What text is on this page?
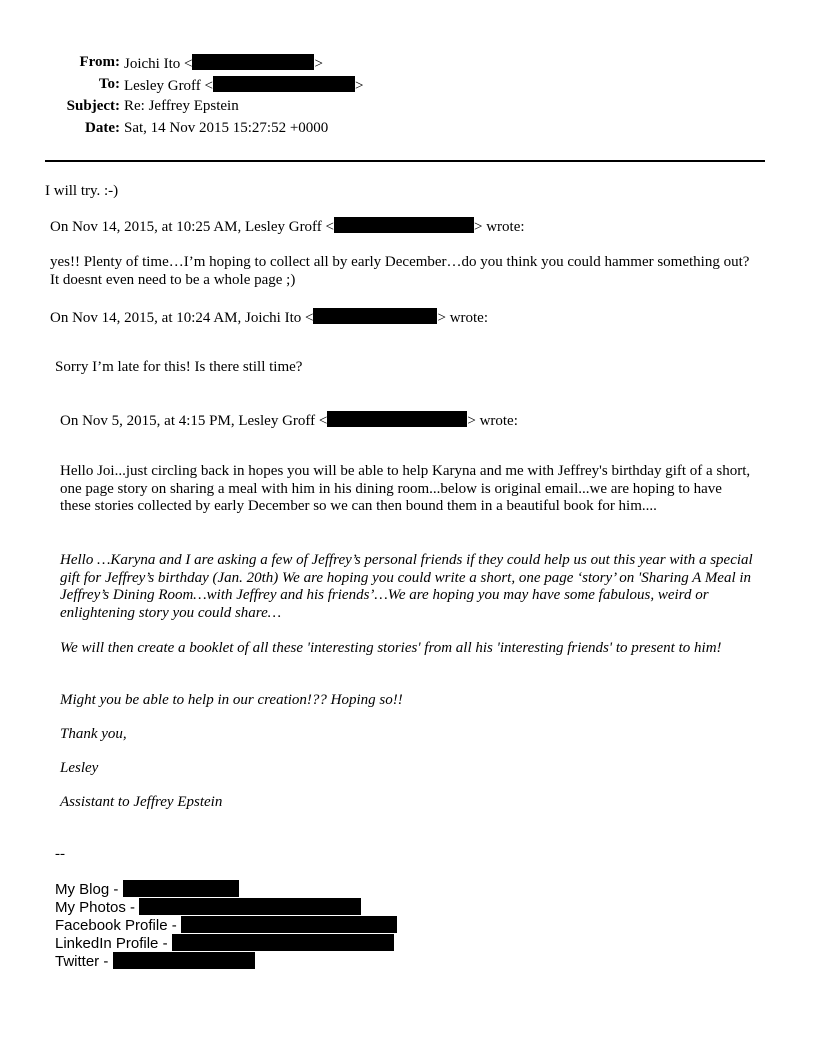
From: Joichi Ito <	>
To: Lesley Groff <	>
Subject: Re: Jeffrey Epstein
Date: Sat, 14 Nov 2015 15:27:52 +0000
I will try. :-)
On Nov 14, 2015, at 10:25 AM, Lesley Groff <	> wrote:
yes!! Plenty of time…I’m hoping to collect all by early December…do you think you could hammer something out? It doesnt even need to be a whole page ;)
On Nov 14, 2015, at 10:24 AM, Joichi Ito <	> wrote:
Sorry I’m late for this! Is there still time?
On Nov 5, 2015, at 4:15 PM, Lesley Groff <	> wrote:
Hello Joi...just circling back in hopes you will be able to help Karyna and me with Jeffrey's birthday gift of a short, one page story on sharing a meal with him in his dining room...below is original email...we are hoping to have these stories collected by early December so we can then bound them in a beautiful book for him....
Hello …Karyna and I are asking a few of Jeffrey’s personal friends if they could help us out this year with a special gift for Jeffrey’s birthday (Jan. 20th) We are hoping you could write a short, one page ‘story’ on 'Sharing A Meal in Jeffrey’s Dining Room…with Jeffrey and his friends’…We are hoping you may have some fabulous, weird or enlightening story you could share…
We will then create a booklet of all these 'interesting stories' from all his 'interesting friends' to present to him!
Might you be able to help in our creation!?? Hoping so!!
Thank you,
Lesley
Assistant to Jeffrey Epstein
--
My Blog -
My Photos -
Facebook Profile -
LinkedIn Profile -
Twitter -
